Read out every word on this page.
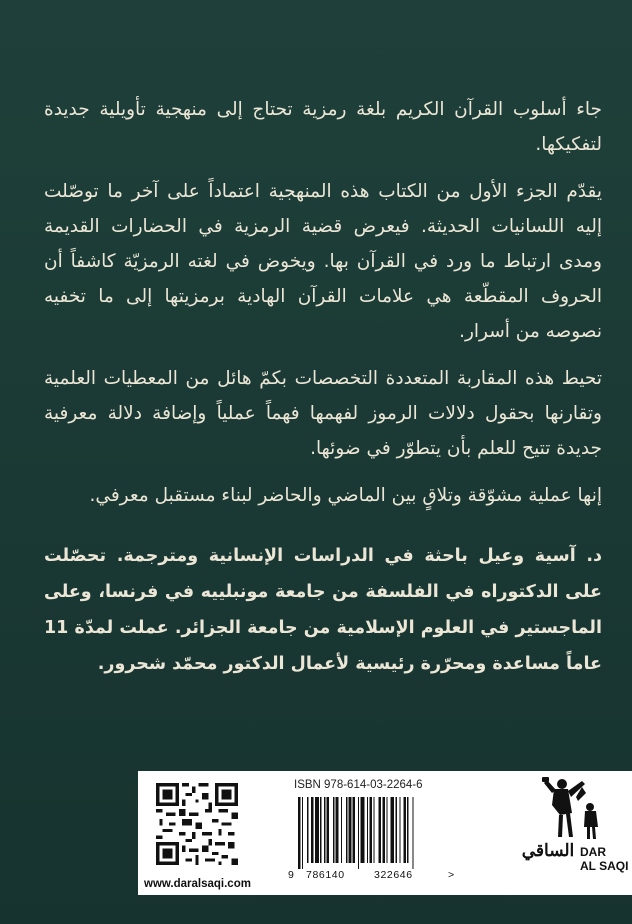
جاء أسلوب القرآن الكريم بلغة رمزية تحتاج إلى منهجية تأويلية جديدة لتفكيكها.

يقدّم الجزء الأول من الكتاب هذه المنهجية اعتماداً على آخر ما توصّلت إليه اللسانيات الحديثة. فيعرض قضية الرمزية في الحضارات القديمة ومدى ارتباط ما ورد في القرآن بها. ويخوض في لغته الرمزيّة كاشفاً أن الحروف المقطّعة هي علامات القرآن الهادية برمزيتها إلى ما تخفيه نصوصه من أسرار.

تحيط هذه المقاربة المتعددة التخصصات بكمّ هائل من المعطيات العلمية وتقارنها بحقول دلالات الرموز لفهمها فهماً عملياً وإضافة دلالة معرفية جديدة تتيح للعلم بأن يتطوّر في ضوئها.

إنها عملية مشوّقة وتلاقٍ بين الماضي والحاضر لبناء مستقبل معرفي.

د. آسية وعيل باحثة في الدراسات الإنسانية ومترجمة. تحصّلت على الدكتوراه في الفلسفة من جامعة مونبلييه في فرنسا، وعلى الماجستير في العلوم الإسلامية من جامعة الجزائر. عملت لمدّة 11 عاماً مساعدة ومحرّرة رئيسية لأعمال الدكتور محمّد شحرور.

ISBN 978-614-03-2264-6
9 786140	322646	>
الساقي DAR
AL SAQI
www.daralsaqi.com
